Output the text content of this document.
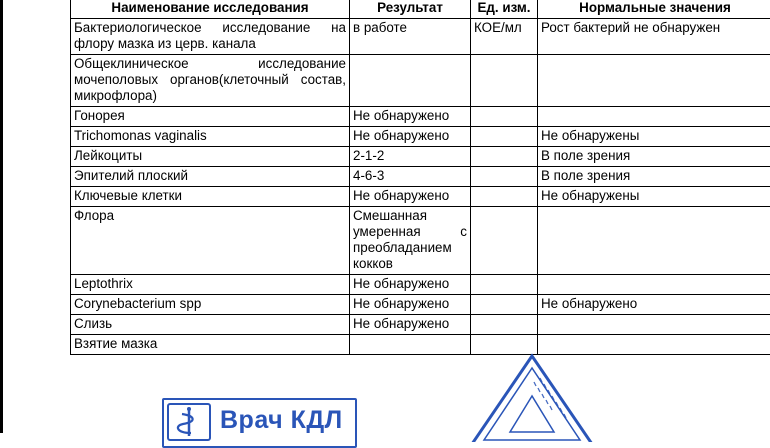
Наименование исследования	Результат	Ед. изм.	Нормальные значения
Бактериологическое исследование на флору мазка из церв. канала	в работе	КОЕ/мл	Рост бактерий не обнаружен
Общеклиническое исследование мочеполовых органов(клеточный состав, микрофлора)			
Гонорея	Не обнаружено		
Trichomonas vaginalis	Не обнаружено		Не обнаружены
Лейкоциты	2-1-2		В поле зрения
Эпителий плоский	4-6-3		В поле зрения
Ключевые клетки	Не обнаружено		Не обнаружены
Флора	Смешанная умеренная с преобладанием кокков		
Leptothrix	Не обнаружено		
Corynebacterium spp	Не обнаружено		Не обнаружено
Слизь	Не обнаружено		
Взятие мазка			
Врач КДЛ
